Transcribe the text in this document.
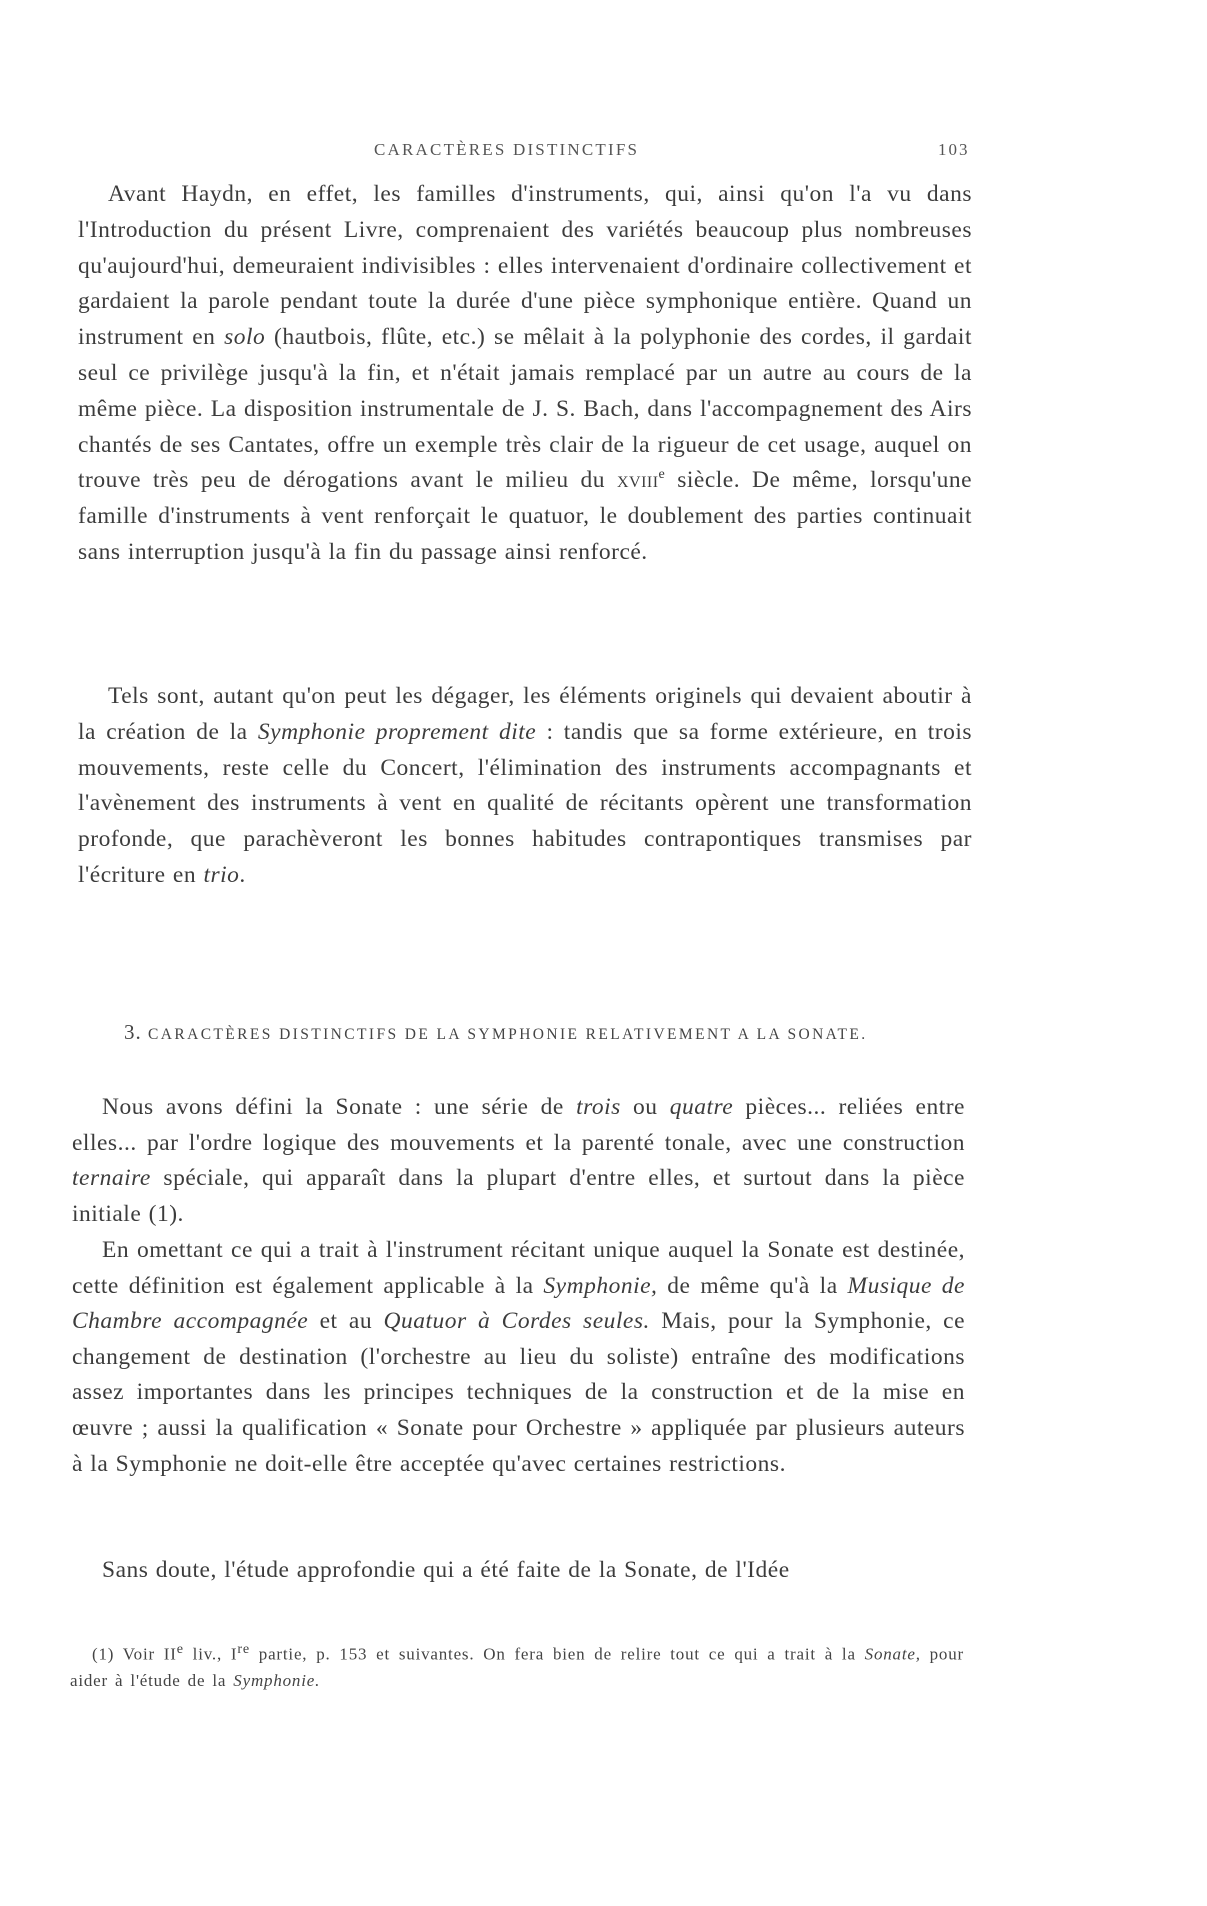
CARACTÈRES DISTINCTIFS	103

Avant Haydn, en effet, les familles d'instruments, qui, ainsi qu'on l'a vu dans l'Introduction du présent Livre, comprenaient des variétés beaucoup plus nombreuses qu'aujourd'hui, demeuraient indivisibles : elles intervenaient d'ordinaire collectivement et gardaient la parole pendant toute la durée d'une pièce symphonique entière. Quand un instrument en solo (hautbois, flûte, etc.) se mêlait à la polyphonie des cordes, il gardait seul ce privilège jusqu'à la fin, et n'était jamais remplacé par un autre au cours de la même pièce. La disposition instrumentale de J. S. Bach, dans l'accompagnement des Airs chantés de ses Cantates, offre un exemple très clair de la rigueur de cet usage, auquel on trouve très peu de dérogations avant le milieu du xviii$^e$ siècle. De même, lorsqu'une famille d'instruments à vent renforçait le quatuor, le doublement des parties continuait sans interruption jusqu'à la fin du passage ainsi renforcé.

Tels sont, autant qu'on peut les dégager, les éléments originels qui devaient aboutir à la création de la Symphonie proprement dite : tandis que sa forme extérieure, en trois mouvements, reste celle du Concert, l'élimination des instruments accompagnants et l'avènement des instruments à vent en qualité de récitants opèrent une transformation profonde, que parachèveront les bonnes habitudes contrapontiques transmises par l'écriture en trio.

3. CARACTÈRES DISTINCTIFS DE LA SYMPHONIE RELATIVEMENT A LA SONATE.

Nous avons défini la Sonate : une série de trois ou quatre pièces... reliées entre elles... par l'ordre logique des mouvements et la parenté tonale, avec une construction ternaire spéciale, qui apparaît dans la plupart d'entre elles, et surtout dans la pièce initiale (1).

En omettant ce qui a trait à l'instrument récitant unique auquel la Sonate est destinée, cette définition est également applicable à la Symphonie, de même qu'à la Musique de Chambre accompagnée et au Quatuor à Cordes seules. Mais, pour la Symphonie, ce changement de destination (l'orchestre au lieu du soliste) entraîne des modifications assez importantes dans les principes techniques de la construction et de la mise en œuvre ; aussi la qualification « Sonate pour Orchestre » appliquée par plusieurs auteurs à la Symphonie ne doit-elle être acceptée qu'avec certaines restrictions.

Sans doute, l'étude approfondie qui a été faite de la Sonate, de l'Idée

(1) Voir IIe liv., Ire partie, p. 153 et suivantes. On fera bien de relire tout ce qui a trait à la Sonate, pour aider à l'étude de la Symphonie.
